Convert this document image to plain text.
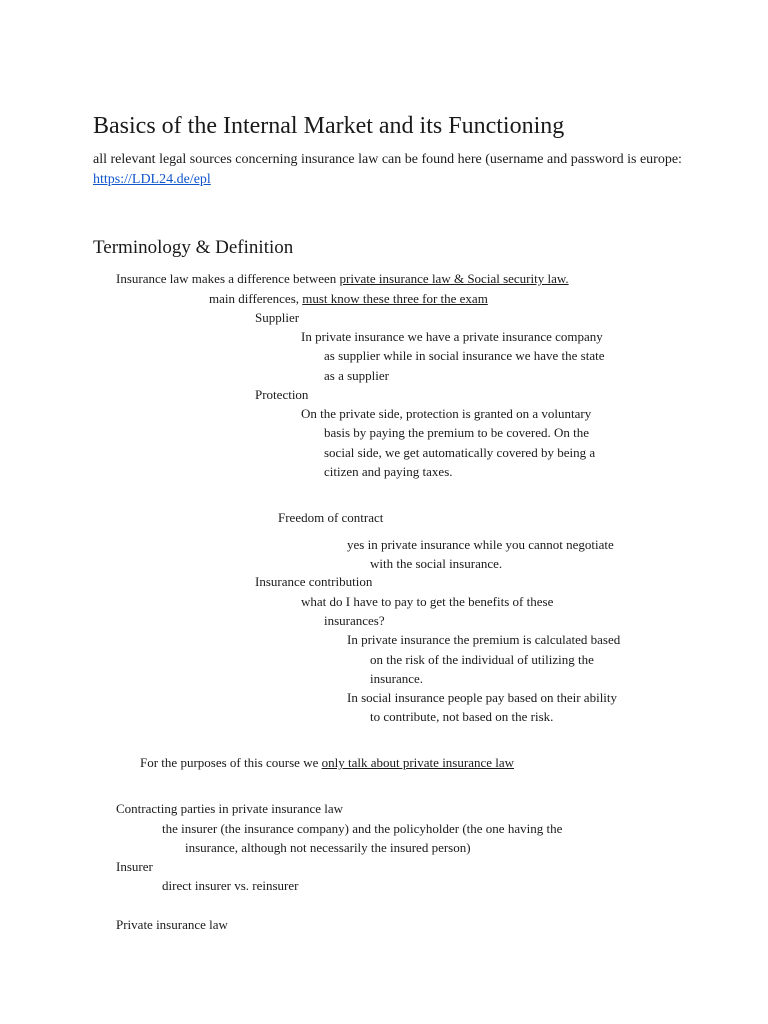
Basics of the Internal Market and its Functioning
all relevant legal sources concerning insurance law can be found here (username and password is europe: https://LDL24.de/epl
Terminology & Definition
Insurance law makes a difference between private insurance law & Social security law.
main differences, must know these three for the exam
Supplier
In private insurance we have a private insurance company
as supplier while in social insurance we have the state
as a supplier
Protection
On the private side, protection is granted on a voluntary
basis by paying the premium to be covered. On the
social side, we get automatically covered by being a
citizen and paying taxes.
Freedom of contract
yes in private insurance while you cannot negotiate
with the social insurance.
Insurance contribution
what do I have to pay to get the benefits of these
insurances?
In private insurance the premium is calculated based
on the risk of the individual of utilizing the
insurance.
In social insurance people pay based on their ability
to contribute, not based on the risk.
For the purposes of this course we only talk about private insurance law
Contracting parties in private insurance law
the insurer (the insurance company) and the policyholder (the one having the
insurance, although not necessarily the insured person)
Insurer
direct insurer vs. reinsurer
Private insurance law
